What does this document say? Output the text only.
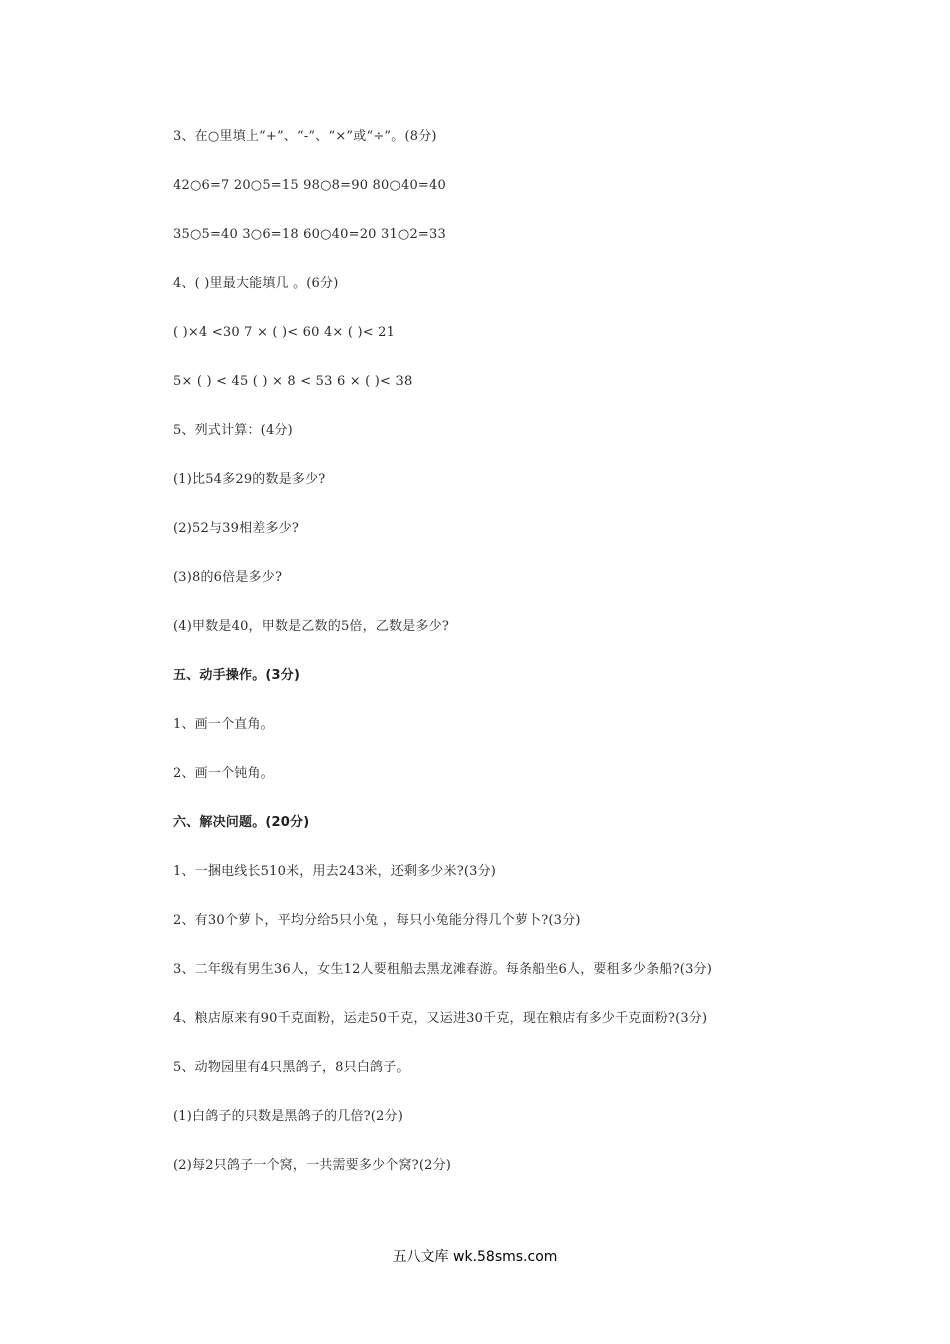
3、在○里填上“+”、“-”、“×”或“÷”。(8分)
42○6=7 20○5=15 98○8=90 80○40=40
35○5=40 3○6=18 60○40=20 31○2=33
4、( )里最大能填几 。(6分)
( )×4 <30 7 × ( )< 60 4× ( )< 21
5× ( ) < 45 ( ) × 8 < 53 6 × ( )< 38
5、列式计算：(4分)
(1)比54多29的数是多少?
(2)52与39相差多少?
(3)8的6倍是多少?
(4)甲数是40，甲数是乙数的5倍，乙数是多少?
五、动手操作。(3分)
1、画一个直角。
2、画一个钝角。
六、解决问题。(20分)
1、一捆电线长510米，用去243米，还剩多少米?(3分)
2、有30个萝卜，平均分给5只小兔 ，每只小兔能分得几个萝卜?(3分)
3、二年级有男生36人，女生12人要租船去黑龙滩春游。每条船坐6人，要租多少条船?(3分)
4、粮店原来有90千克面粉，运走50千克，又运进30千克，现在粮店有多少千克面粉?(3分)
5、动物园里有4只黑鸽子，8只白鸽子。
(1)白鸽子的只数是黑鸽子的几倍?(2分)
(2)每2只鸽子一个窝，一共需要多少个窝?(2分)
五八文库 wk.58sms.com
